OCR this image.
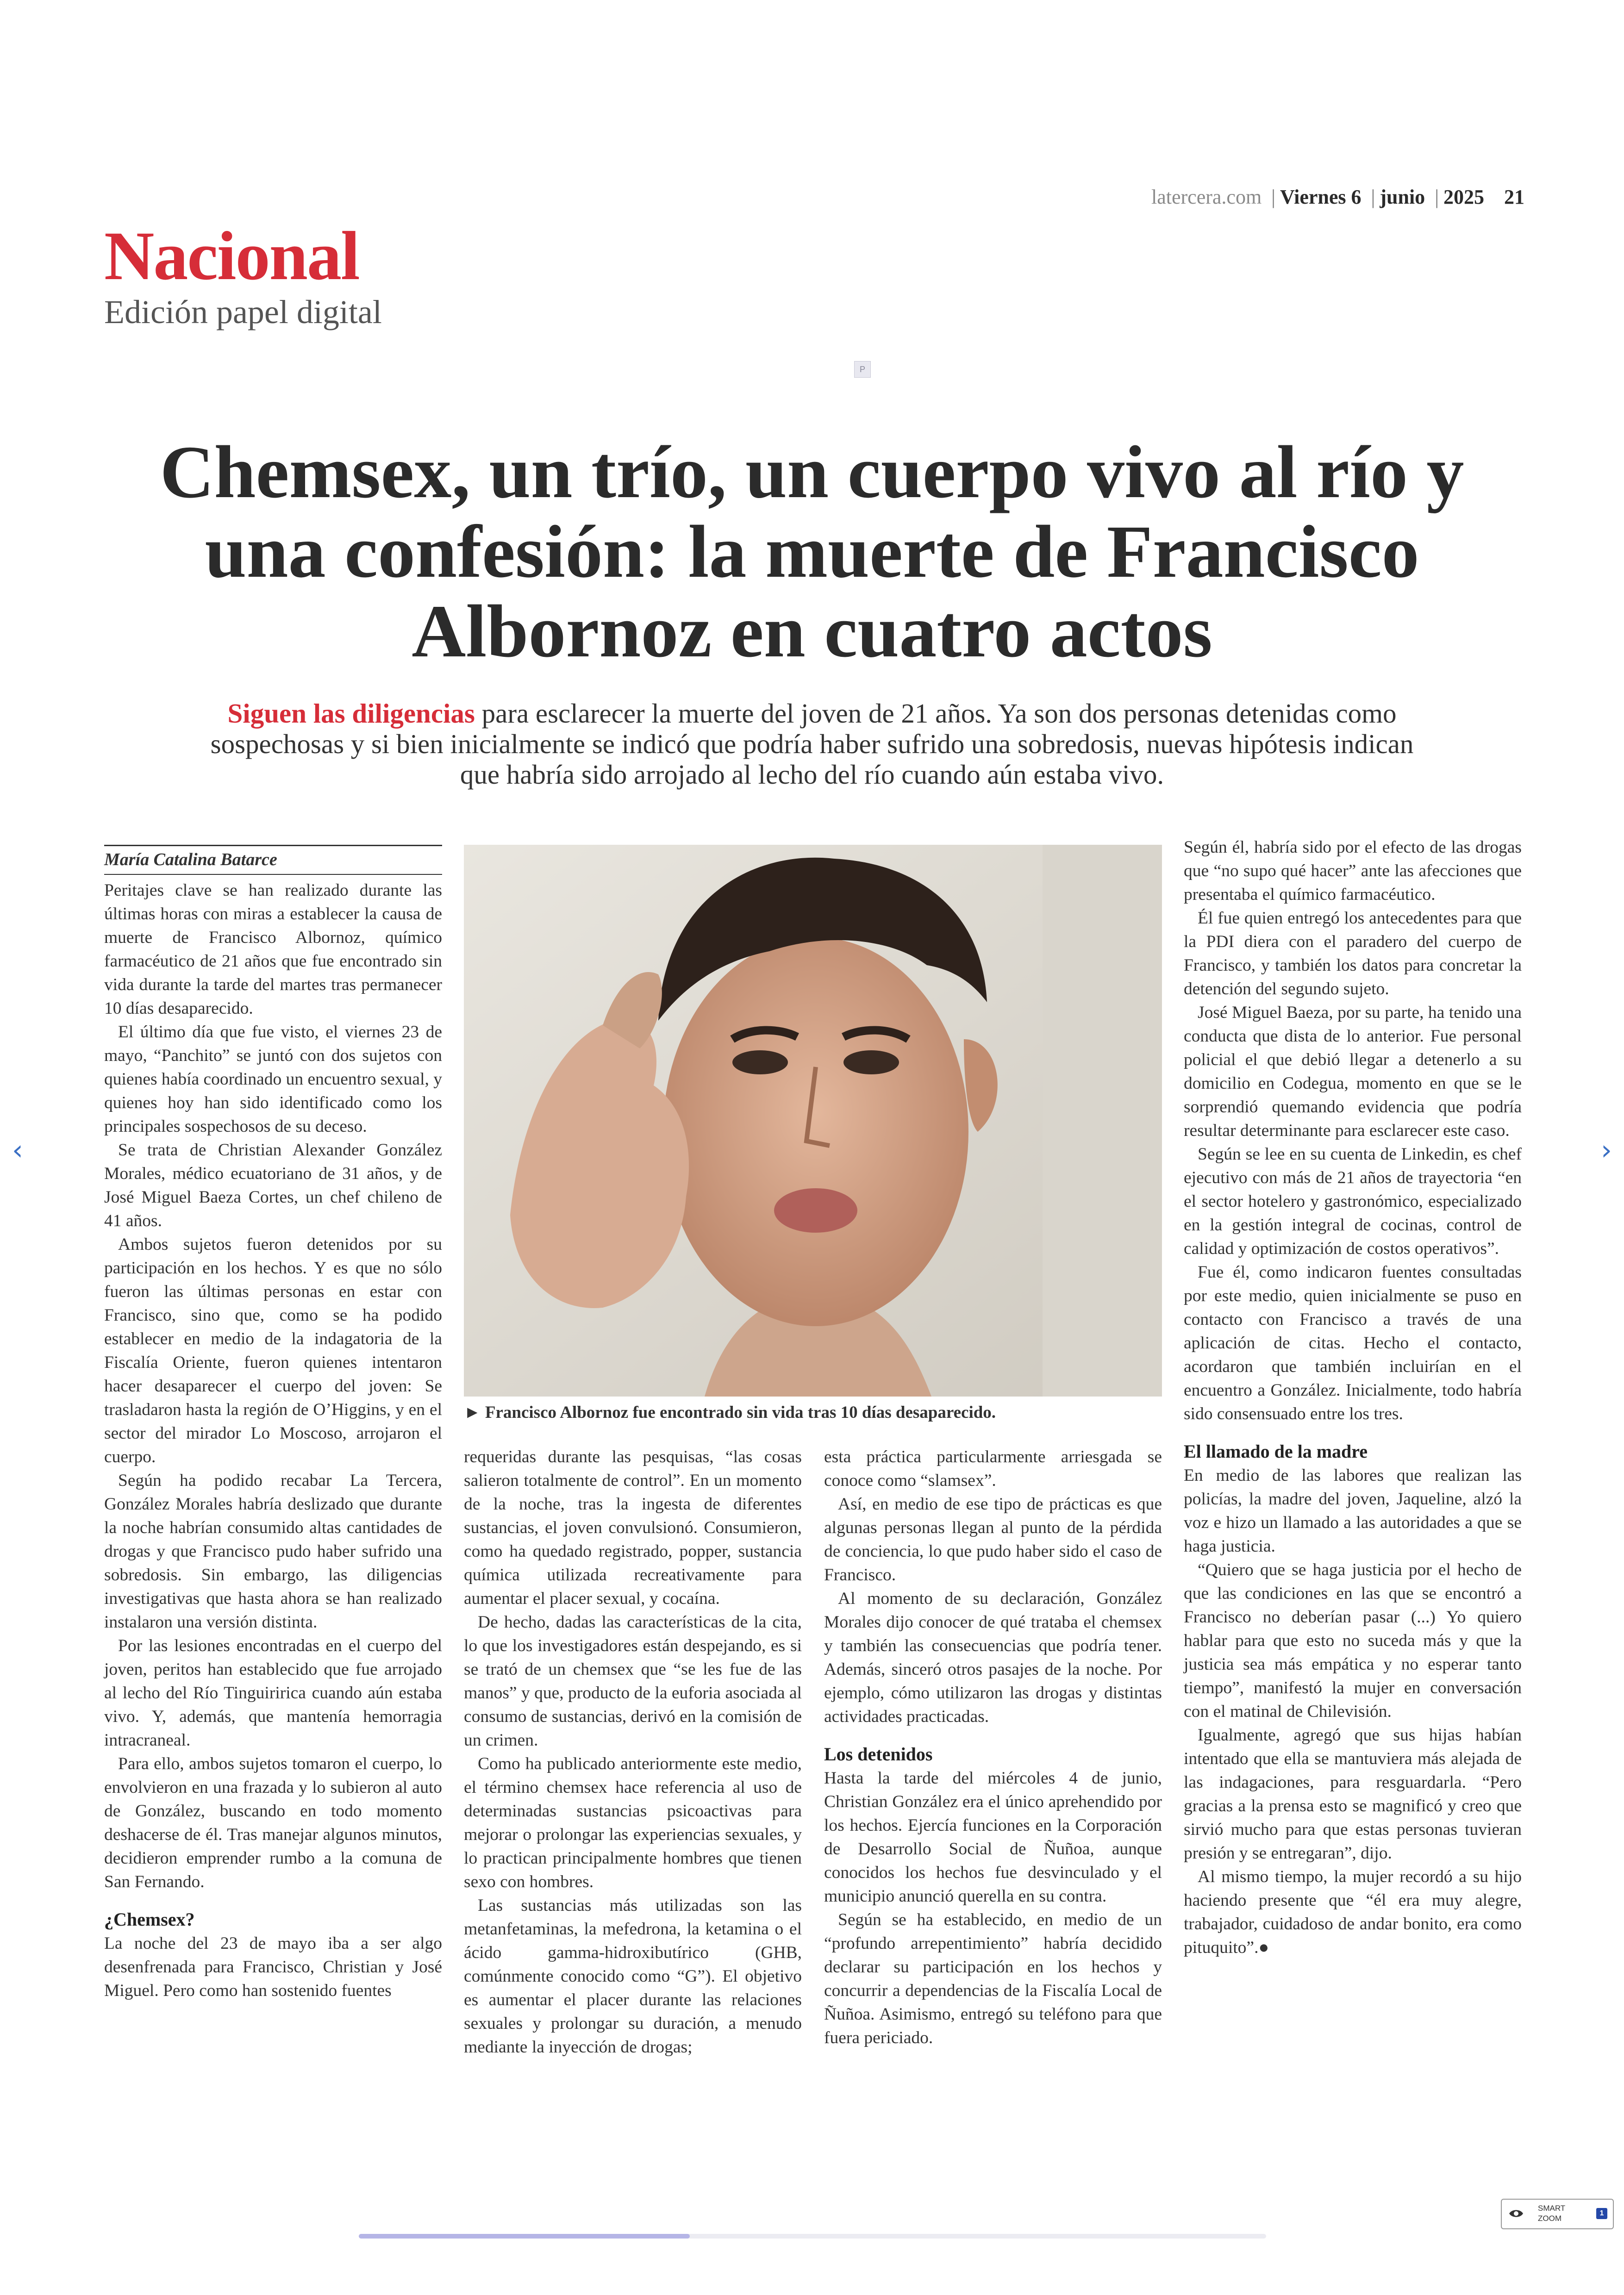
latercera.com | Viernes 6 | junio | 2025 21
Nacional
Edición papel digital
P
Chemsex, un trío, un cuerpo vivo al río y una confesión: la muerte de Francisco Albornoz en cuatro actos

Siguen las diligencias para esclarecer la muerte del joven de 21 años. Ya son dos personas detenidas como sospechosas y si bien inicialmente se indicó que podría haber sufrido una sobredosis, nuevas hipótesis indican que habría sido arrojado al lecho del río cuando aún estaba vivo.

María Catalina Batarce

Peritajes clave se han realizado durante las últimas horas con miras a establecer la causa de muerte de Francisco Albornoz, químico farmacéutico de 21 años que fue encontrado sin vida durante la tarde del martes tras permanecer 10 días desaparecido.

El último día que fue visto, el viernes 23 de mayo, “Panchito” se juntó con dos sujetos con quienes había coordinado un encuentro sexual, y quienes hoy han sido identificado como los principales sospechosos de su deceso.

Se trata de Christian Alexander González Morales, médico ecuatoriano de 31 años, y de José Miguel Baeza Cortes, un chef chileno de 41 años.

Ambos sujetos fueron detenidos por su participación en los hechos. Y es que no sólo fueron las últimas personas en estar con Francisco, sino que, como se ha podido establecer en medio de la indagatoria de la Fiscalía Oriente, fueron quienes intentaron hacer desaparecer el cuerpo del joven: Se trasladaron hasta la región de O’Higgins, y en el sector del mirador Lo Moscoso, arrojaron el cuerpo.

Según ha podido recabar La Tercera, González Morales habría deslizado que durante la noche habrían consumido altas cantidades de drogas y que Francisco pudo haber sufrido una sobredosis. Sin embargo, las diligencias investigativas que hasta ahora se han realizado instalaron una versión distinta.

Por las lesiones encontradas en el cuerpo del joven, peritos han establecido que fue arrojado al lecho del Río Tinguiririca cuando aún estaba vivo. Y, además, que mantenía hemorragia intracraneal.

Para ello, ambos sujetos tomaron el cuerpo, lo envolvieron en una frazada y lo subieron al auto de González, buscando en todo momento deshacerse de él. Tras manejar algunos minutos, decidieron emprender rumbo a la comuna de San Fernando.

¿Chemsex?

La noche del 23 de mayo iba a ser algo desenfrenada para Francisco, Christian y José Miguel. Pero como han sostenido fuentes

► Francisco Albornoz fue encontrado sin vida tras 10 días desaparecido.

requeridas durante las pesquisas, “las cosas salieron totalmente de control”. En un momento de la noche, tras la ingesta de diferentes sustancias, el joven convulsionó. Consumieron, como ha quedado registrado, popper, sustancia química utilizada recreativamente para aumentar el placer sexual, y cocaína.

De hecho, dadas las características de la cita, lo que los investigadores están despejando, es si se trató de un chemsex que “se les fue de las manos” y que, producto de la euforia asociada al consumo de sustancias, derivó en la comisión de un crimen.

Como ha publicado anteriormente este medio, el término chemsex hace referencia al uso de determinadas sustancias psicoactivas para mejorar o prolongar las experiencias sexuales, y lo practican principalmente hombres que tienen sexo con hombres.

Las sustancias más utilizadas son las metanfetaminas, la mefedrona, la ketamina o el ácido gamma-hidroxibutírico (GHB, comúnmente conocido como “G”). El objetivo es aumentar el placer durante las relaciones sexuales y prolongar su duración, a menudo mediante la inyección de drogas;

esta práctica particularmente arriesgada se conoce como “slamsex”.

Así, en medio de ese tipo de prácticas es que algunas personas llegan al punto de la pérdida de conciencia, lo que pudo haber sido el caso de Francisco.

Al momento de su declaración, González Morales dijo conocer de qué trataba el chemsex y también las consecuencias que podría tener. Además, sinceró otros pasajes de la noche. Por ejemplo, cómo utilizaron las drogas y distintas actividades practicadas.

Los detenidos

Hasta la tarde del miércoles 4 de junio, Christian González era el único aprehendido por los hechos. Ejercía funciones en la Corporación de Desarrollo Social de Ñuñoa, aunque conocidos los hechos fue desvinculado y el municipio anunció querella en su contra.

Según se ha establecido, en medio de un “profundo arrepentimiento” habría decidido declarar su participación en los hechos y concurrir a dependencias de la Fiscalía Local de Ñuñoa. Asimismo, entregó su teléfono para que fuera periciado.

Según él, habría sido por el efecto de las drogas que “no supo qué hacer” ante las afecciones que presentaba el químico farmacéutico.

Él fue quien entregó los antecedentes para que la PDI diera con el paradero del cuerpo de Francisco, y también los datos para concretar la detención del segundo sujeto.

José Miguel Baeza, por su parte, ha tenido una conducta que dista de lo anterior. Fue personal policial el que debió llegar a detenerlo a su domicilio en Codegua, momento en que se le sorprendió quemando evidencia que podría resultar determinante para esclarecer este caso.

Según se lee en su cuenta de Linkedin, es chef ejecutivo con más de 21 años de trayectoria “en el sector hotelero y gastronómico, especializado en la gestión integral de cocinas, control de calidad y optimización de costos operativos”.

Fue él, como indicaron fuentes consultadas por este medio, quien inicialmente se puso en contacto con Francisco a través de una aplicación de citas. Hecho el contacto, acordaron que también incluirían en el encuentro a González. Inicialmente, todo habría sido consensuado entre los tres.

El llamado de la madre

En medio de las labores que realizan las policías, la madre del joven, Jaqueline, alzó la voz e hizo un llamado a las autoridades a que se haga justicia.

“Quiero que se haga justicia por el hecho de que las condiciones en las que se encontró a Francisco no deberían pasar (...) Yo quiero hablar para que esto no suceda más y que la justicia sea más empática y no esperar tanto tiempo”, manifestó la mujer en conversación con el matinal de Chilevisión.

Igualmente, agregó que sus hijas habían intentado que ella se mantuviera más alejada de las indagaciones, para resguardarla. “Pero gracias a la prensa esto se magnificó y creo que sirvió mucho para que estas personas tuvieran presión y se entregaran”, dijo.

Al mismo tiempo, la mujer recordó a su hijo haciendo presente que “él era muy alegre, trabajador, cuidadoso de andar bonito, era como pituquito”.●

‹	›
SMART
ZOOM
1
